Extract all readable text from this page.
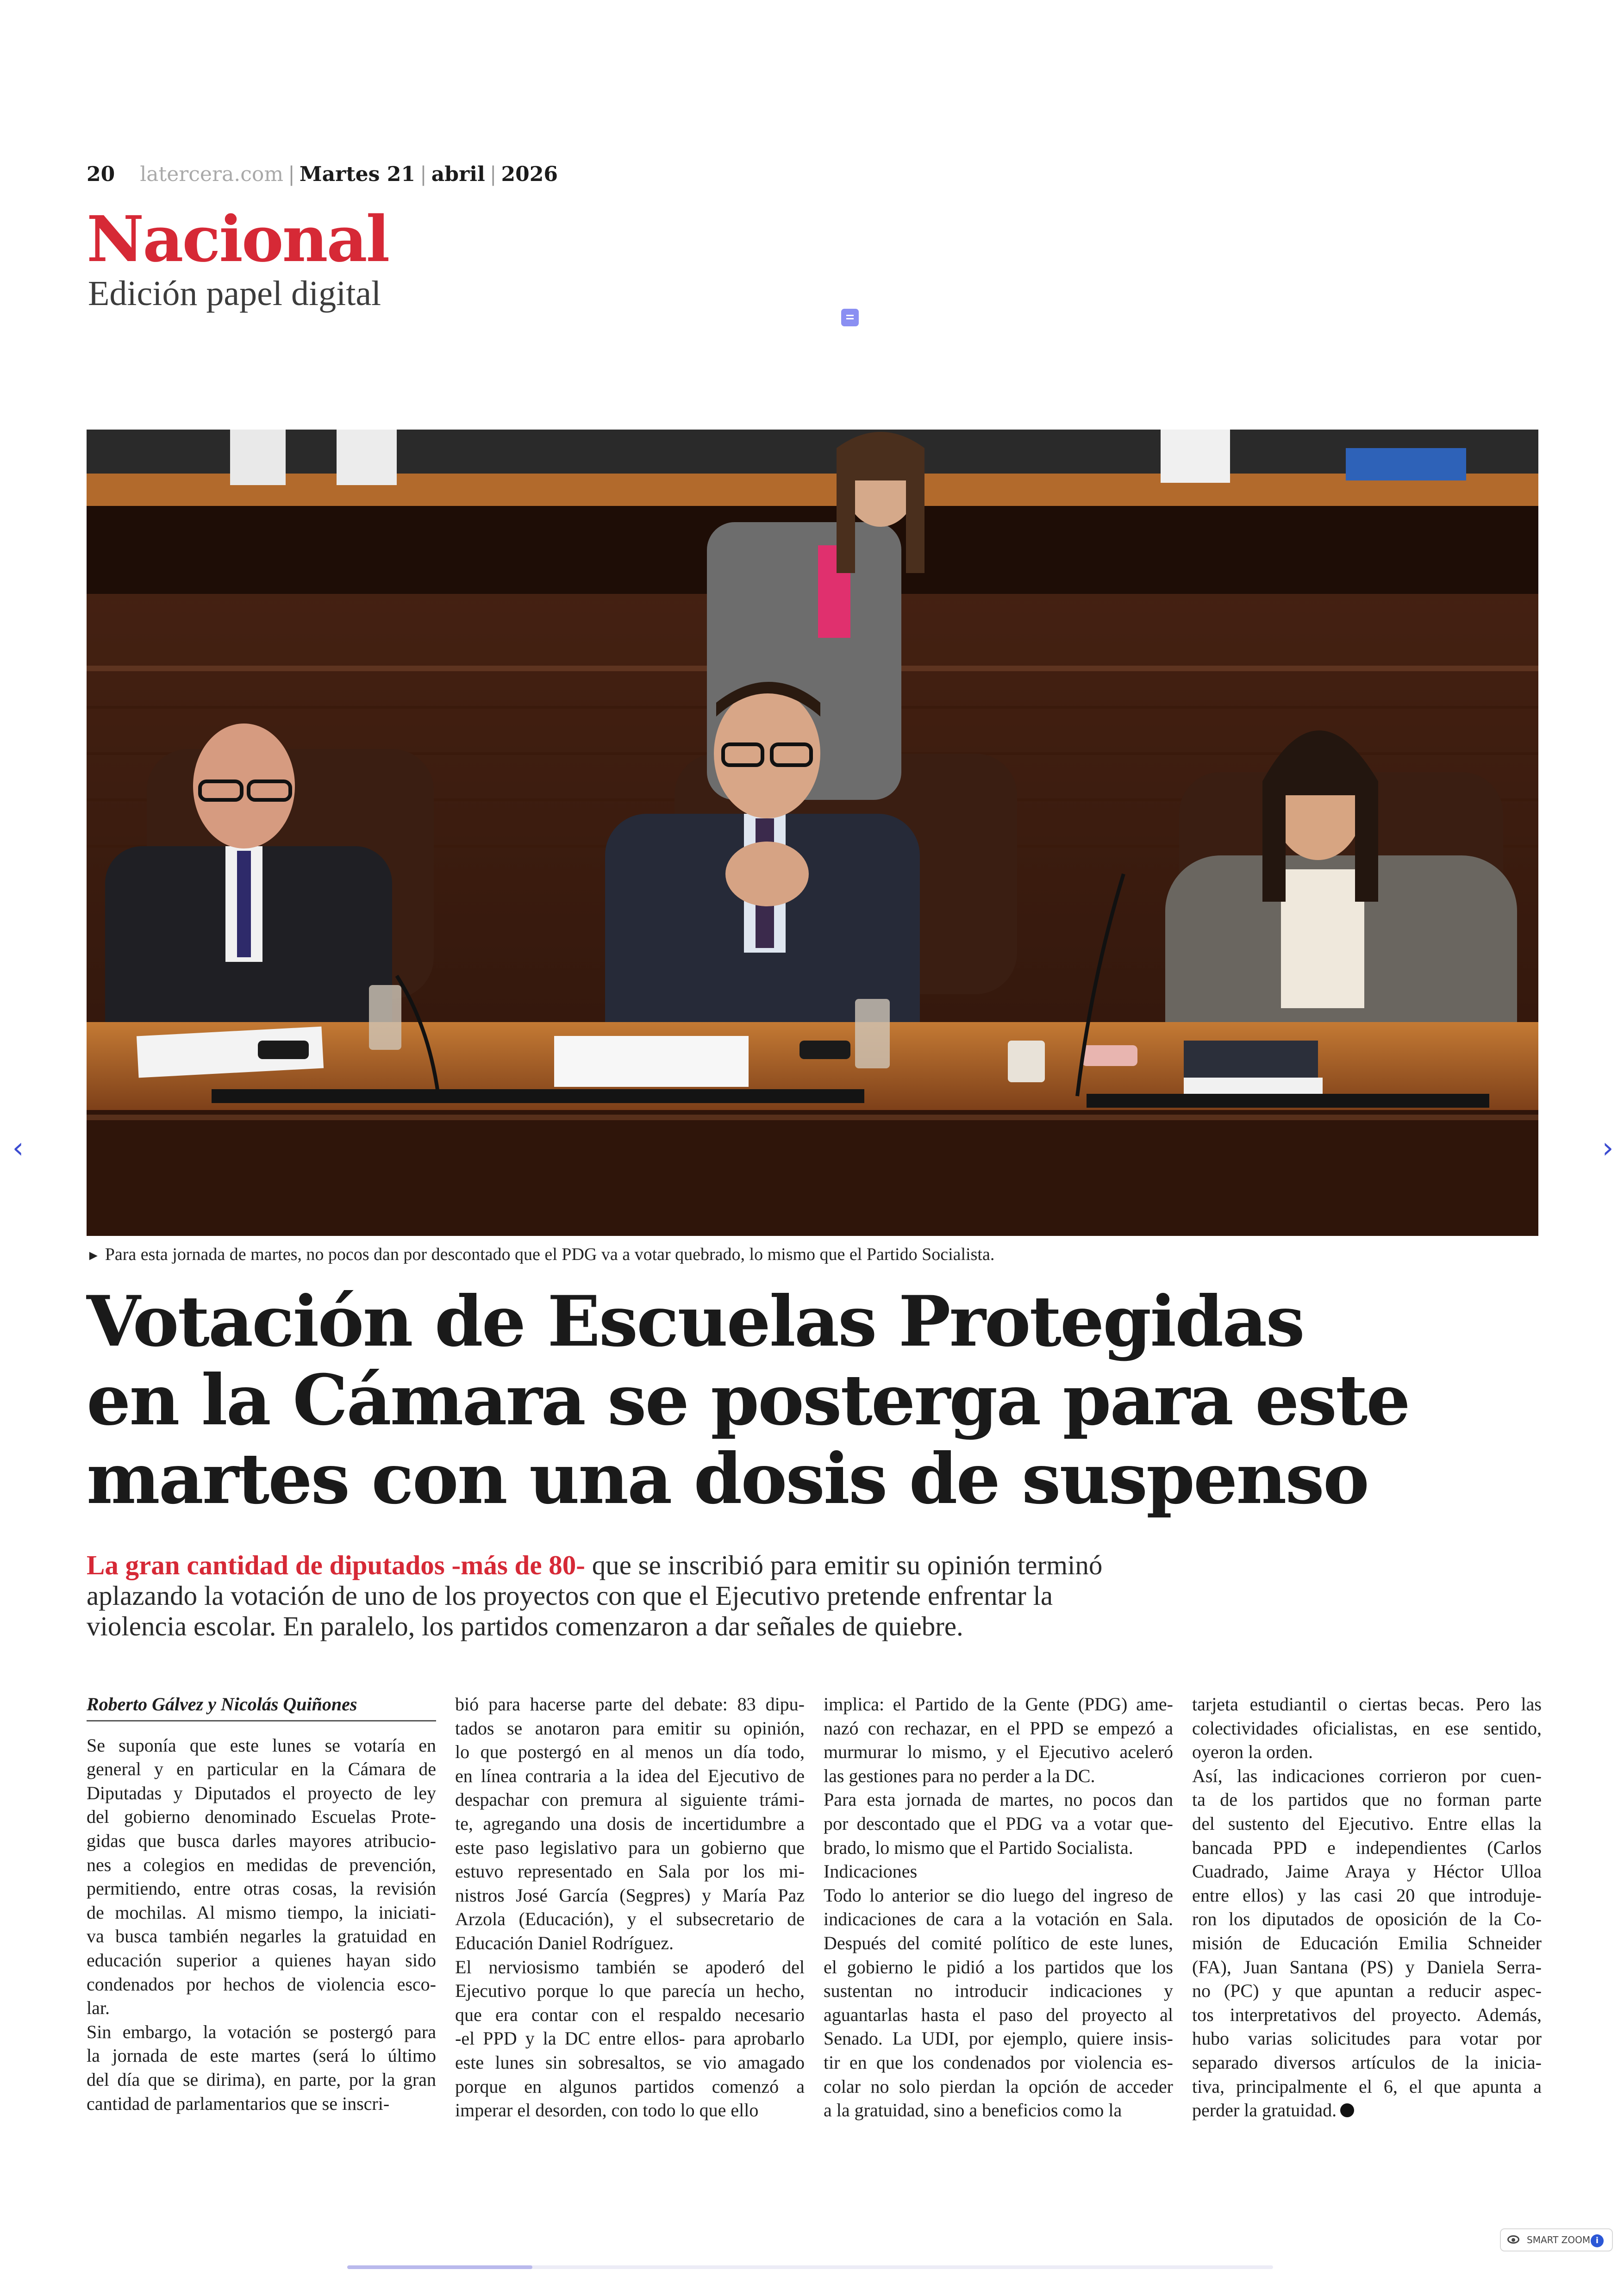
20 latercera.com | Martes 21 | abril | 2026
Nacional
Edición papel digital
► Para esta jornada de martes, no pocos dan por descontado que el PDG va a votar quebrado, lo mismo que el Partido Socialista.
Votación de Escuelas Protegidas
en la Cámara se posterga para este
martes con una dosis de suspenso
La gran cantidad de diputados -más de 80- que se inscribió para emitir su opinión terminó
aplazando la votación de uno de los proyectos con que el Ejecutivo pretende enfrentar la
violencia escolar. En paralelo, los partidos comenzaron a dar señales de quiebre.
Roberto Gálvez y Nicolás Quiñones
Se suponía que este lunes se votaría en
general y en particular en la Cámara de
Diputadas y Diputados el proyecto de ley
del gobierno denominado Escuelas Prote-
gidas que busca darles mayores atribucio-
nes a colegios en medidas de prevención,
permitiendo, entre otras cosas, la revisión
de mochilas. Al mismo tiempo, la iniciati-
va busca también negarles la gratuidad en
educación superior a quienes hayan sido
condenados por hechos de violencia esco-
lar.
Sin embargo, la votación se postergó para
la jornada de este martes (será lo último
del día que se dirima), en parte, por la gran
cantidad de parlamentarios que se inscri-
bió para hacerse parte del debate: 83 dipu-
tados se anotaron para emitir su opinión,
lo que postergó en al menos un día todo,
en línea contraria a la idea del Ejecutivo de
despachar con premura al siguiente trámi-
te, agregando una dosis de incertidumbre a
este paso legislativo para un gobierno que
estuvo representado en Sala por los mi-
nistros José García (Segpres) y María Paz
Arzola (Educación), y el subsecretario de
Educación Daniel Rodríguez.
El nerviosismo también se apoderó del
Ejecutivo porque lo que parecía un hecho,
que era contar con el respaldo necesario
-el PPD y la DC entre ellos- para aprobarlo
este lunes sin sobresaltos, se vio amagado
porque en algunos partidos comenzó a
imperar el desorden, con todo lo que ello
implica: el Partido de la Gente (PDG) ame-
nazó con rechazar, en el PPD se empezó a
murmurar lo mismo, y el Ejecutivo aceleró
las gestiones para no perder a la DC.
Para esta jornada de martes, no pocos dan
por descontado que el PDG va a votar que-
brado, lo mismo que el Partido Socialista.
Indicaciones
Todo lo anterior se dio luego del ingreso de
indicaciones de cara a la votación en Sala.
Después del comité político de este lunes,
el gobierno le pidió a los partidos que los
sustentan no introducir indicaciones y
aguantarlas hasta el paso del proyecto al
Senado. La UDI, por ejemplo, quiere insis-
tir en que los condenados por violencia es-
colar no solo pierdan la opción de acceder
a la gratuidad, sino a beneficios como la
tarjeta estudiantil o ciertas becas. Pero las
colectividades oficialistas, en ese sentido,
oyeron la orden.
Así, las indicaciones corrieron por cuen-
ta de los partidos que no forman parte
del sustento del Ejecutivo. Entre ellas la
bancada PPD e independientes (Carlos
Cuadrado, Jaime Araya y Héctor Ulloa
entre ellos) y las casi 20 que introduje-
ron los diputados de oposición de la Co-
misión de Educación Emilia Schneider
(FA), Juan Santana (PS) y Daniela Serra-
no (PC) y que apuntan a reducir aspec-
tos interpretativos del proyecto. Además,
hubo varias solicitudes para votar por
separado diversos artículos de la inicia-
tiva, principalmente el 6, el que apunta a
perder la gratuidad.
‹	›
SMART ZOOM i
